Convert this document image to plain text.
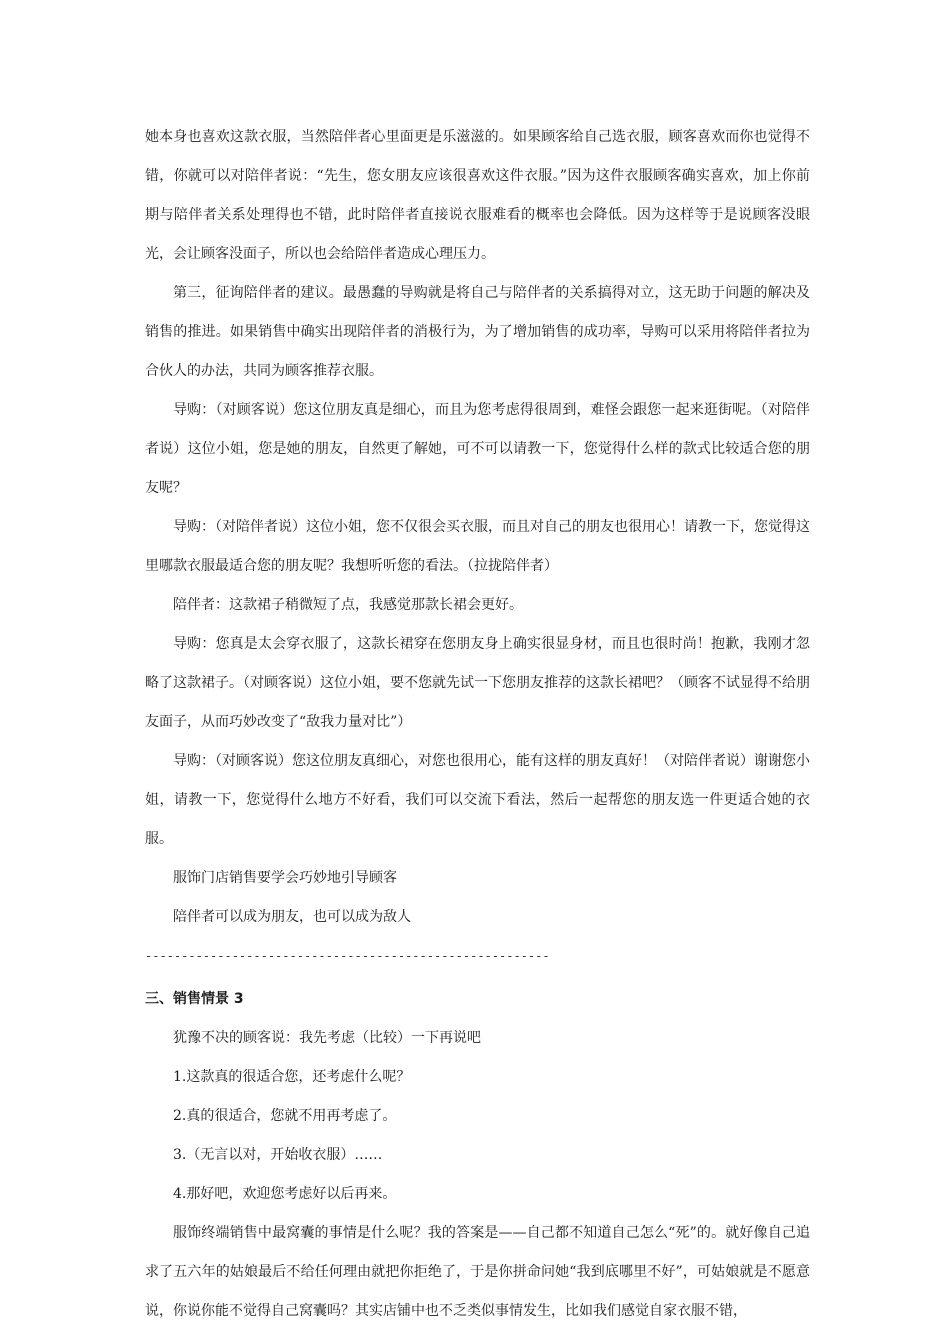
她本身也喜欢这款衣服，当然陪伴者心里面更是乐滋滋的。如果顾客给自己选衣服，顾客喜欢而你也觉得不错，你就可以对陪伴者说：“先生，您女朋友应该很喜欢这件衣服。”因为这件衣服顾客确实喜欢，加上你前期与陪伴者关系处理得也不错，此时陪伴者直接说衣服难看的概率也会降低。因为这样等于是说顾客没眼光，会让顾客没面子，所以也会给陪伴者造成心理压力。

第三，征询陪伴者的建议。最愚蠢的导购就是将自己与陪伴者的关系搞得对立，这无助于问题的解决及销售的推进。如果销售中确实出现陪伴者的消极行为，为了增加销售的成功率，导购可以采用将陪伴者拉为合伙人的办法，共同为顾客推荐衣服。

导购：（对顾客说）您这位朋友真是细心，而且为您考虑得很周到，难怪会跟您一起来逛街呢。（对陪伴者说）这位小姐，您是她的朋友，自然更了解她，可不可以请教一下，您觉得什么样的款式比较适合您的朋友呢？

导购：（对陪伴者说）这位小姐，您不仅很会买衣服，而且对自己的朋友也很用心！请教一下，您觉得这里哪款衣服最适合您的朋友呢？我想听听您的看法。（拉拢陪伴者）

陪伴者：这款裙子稍微短了点，我感觉那款长裙会更好。

导购：您真是太会穿衣服了，这款长裙穿在您朋友身上确实很显身材，而且也很时尚！抱歉，我刚才忽略了这款裙子。（对顾客说）这位小姐，要不您就先试一下您朋友推荐的这款长裙吧？（顾客不试显得不给朋友面子，从而巧妙改变了“敌我力量对比”）

导购：（对顾客说）您这位朋友真细心，对您也很用心，能有这样的朋友真好！（对陪伴者说）谢谢您小姐，请教一下，您觉得什么地方不好看，我们可以交流下看法，然后一起帮您的朋友选一件更适合她的衣服。

服饰门店销售要学会巧妙地引导顾客

陪伴者可以成为朋友，也可以成为敌人

--------------------------------------------------------

三、销售情景 3

犹豫不决的顾客说：我先考虑（比较）一下再说吧

1.这款真的很适合您，还考虑什么呢？

2.真的很适合，您就不用再考虑了。

3.（无言以对，开始收衣服）……

4.那好吧，欢迎您考虑好以后再来。

服饰终端销售中最窝囊的事情是什么呢？我的答案是——自己都不知道自己怎么“死”的。就好像自己追求了五六年的姑娘最后不给任何理由就把你拒绝了，于是你拼命问她“我到底哪里不好”，可姑娘就是不愿意说，你说你能不觉得自己窝囊吗？其实店铺中也不乏类似事情发生，比如我们感觉自家衣服不错，
